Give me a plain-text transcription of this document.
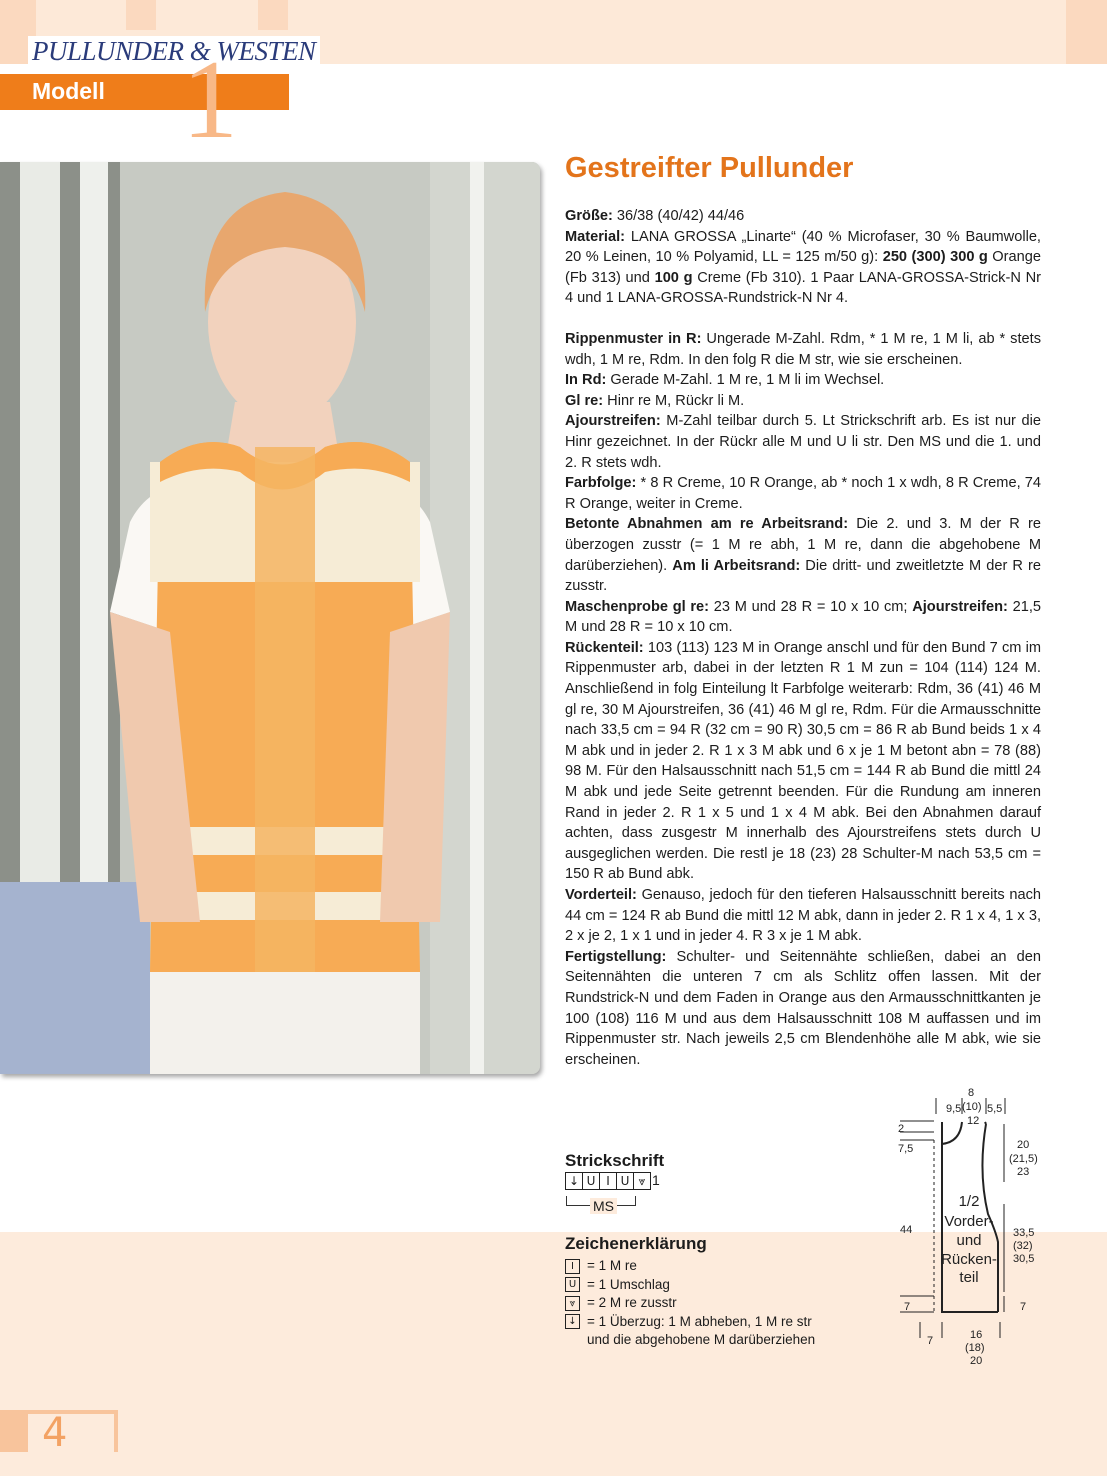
PULLUNDER & WESTEN
Modell 1
Gestreifter Pullunder

Größe: 36/38 (40/42) 44/46

Material: LANA GROSSA „Linarte“ (40 % Microfaser, 30 % Baumwolle, 20 % Leinen, 10 % Polyamid, LL = 125 m/50 g): 250 (300) 300 g Orange (Fb 313) und 100 g Creme (Fb 310). 1 Paar LANA-GROSSA-Strick-N Nr 4 und 1 LANA-GROSSA-Rundstrick-N Nr 4.

Rippenmuster in R: Ungerade M-Zahl. Rdm, * 1 M re, 1 M li, ab * stets wdh, 1 M re, Rdm. In den folg R die M str, wie sie erscheinen.

In Rd: Gerade M-Zahl. 1 M re, 1 M li im Wechsel.

Gl re: Hinr re M, Rückr li M.

Ajourstreifen: M-Zahl teilbar durch 5. Lt Strickschrift arb. Es ist nur die Hinr gezeichnet. In der Rückr alle M und U li str. Den MS und die 1. und 2. R stets wdh.

Farbfolge: * 8 R Creme, 10 R Orange, ab * noch 1 x wdh, 8 R Creme, 74 R Orange, weiter in Creme.

Betonte Abnahmen am re Arbeitsrand: Die 2. und 3. M der R re überzogen zusstr (= 1 M re abh, 1 M re, dann die abgehobene M darüberziehen). Am li Arbeitsrand: Die dritt- und zweitletzte M der R re zusstr.

Maschenprobe gl re: 23 M und 28 R = 10 x 10 cm; Ajourstreifen: 21,5 M und 28 R = 10 x 10 cm.

Rückenteil: 103 (113) 123 M in Orange anschl und für den Bund 7 cm im Rippenmuster arb, dabei in der letzten R 1 M zun = 104 (114) 124 M. Anschließend in folg Einteilung lt Farbfolge weiterarb: Rdm, 36 (41) 46 M gl re, 30 M Ajourstreifen, 36 (41) 46 M gl re, Rdm. Für die Armausschnitte nach 33,5 cm = 94 R (32 cm = 90 R) 30,5 cm = 86 R ab Bund beids 1 x 4 M abk und in jeder 2. R 1 x 3 M abk und 6 x je 1 M betont abn = 78 (88) 98 M. Für den Halsausschnitt nach 51,5 cm = 144 R ab Bund die mittl 24 M abk und jede Seite getrennt beenden. Für die Rundung am inneren Rand in jeder 2. R 1 x 5 und 1 x 4 M abk. Bei den Abnahmen darauf achten, dass zusgestr M innerhalb des Ajourstreifens stets durch U ausgeglichen werden. Die restl je 18 (23) 28 Schulter-M nach 53,5 cm = 150 R ab Bund abk.

Vorderteil: Genauso, jedoch für den tieferen Halsausschnitt bereits nach 44 cm = 124 R ab Bund die mittl 12 M abk, dann in jeder 2. R 1 x 4, 1 x 3, 2 x je 2, 1 x 1 und in jeder 4. R 3 x je 1 M abk.

Fertigstellung: Schulter- und Seitennähte schließen, dabei an den Seitennähten die unteren 7 cm als Schlitz offen lassen. Mit der Rundstrick-N und dem Faden in Orange aus den Armausschnittkanten je 100 (108) 116 M und aus dem Halsausschnitt 108 M auffassen und im Rippenmuster str. Nach jeweils 2,5 cm Blendenhöhe alle M abk, wie sie erscheinen.

Strickschrift
↓ U I U ⩔ 1
MS
Zeichenerklärung
I = 1 M re
U = 1 Umschlag
⩔ = 2 M re zusstr
↓ = 1 Überzug: 1 M abheben, 1 M re str
und die abgehobene M darüberziehen
9,5
8
(10)
12
5,5
2
7,5
44
7
20
(21,5)
23
33,5
(32)
30,5
7
7	16
(18)
20
1/2
Vorder-
und
Rücken-
teil
4
